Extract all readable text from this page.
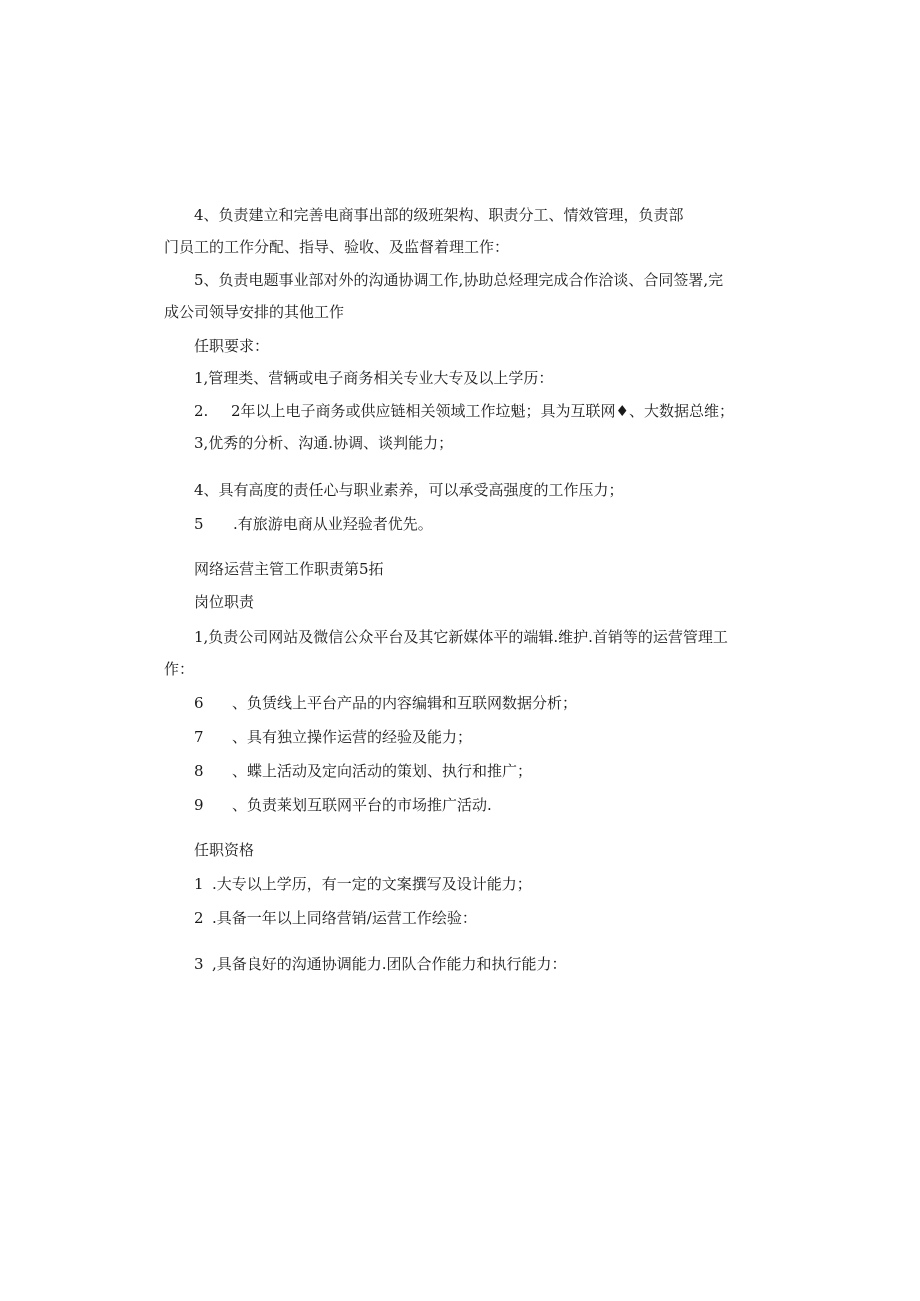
4、负责建立和完善电商事出部的级班架构、职责分工、情效管理，负责部
门员工的工作分配、指导、验收、及监督着理工作：
5、负责电题事业部对外的沟通协调工作,协助总烃理完成合作洽谈、合同签署,完
成公司领导安排的其他工作
任职要求：
1,管理类、营辆或电子商务相关专业大专及以上学历：
2. 2年以上电子商务或供应链相关领域工作垃魁；具为互联网♦、大数据总维；
3,优秀的分析、沟通.协调、谈判能力；
4、具有高度的责任心与职业素养，可以承受高强度的工作压力；
5 .有旅游电商从业羟验者优先。
网络运营主管工作职责第5拓
岗位职责
1,负责公司网站及微信公众平台及其它新媒体平的端辑.维护.首销等的运营管理工
作：
6 、负赁线上平台产品的内容编辑和互联网数据分析；
7 、具有独立操作运营的经验及能力；
8 、蝶上活动及定向活动的策划、执行和推广；
9 、负责莱划互联网平台的市场推广活动.
任职资格
1 .大专以上学历，有一定的文案撰写及设计能力；
2 .具备一年以上同络营销/运营工作绘验：
3 ,具备良好的沟通协调能力.团队合作能力和执行能力：
